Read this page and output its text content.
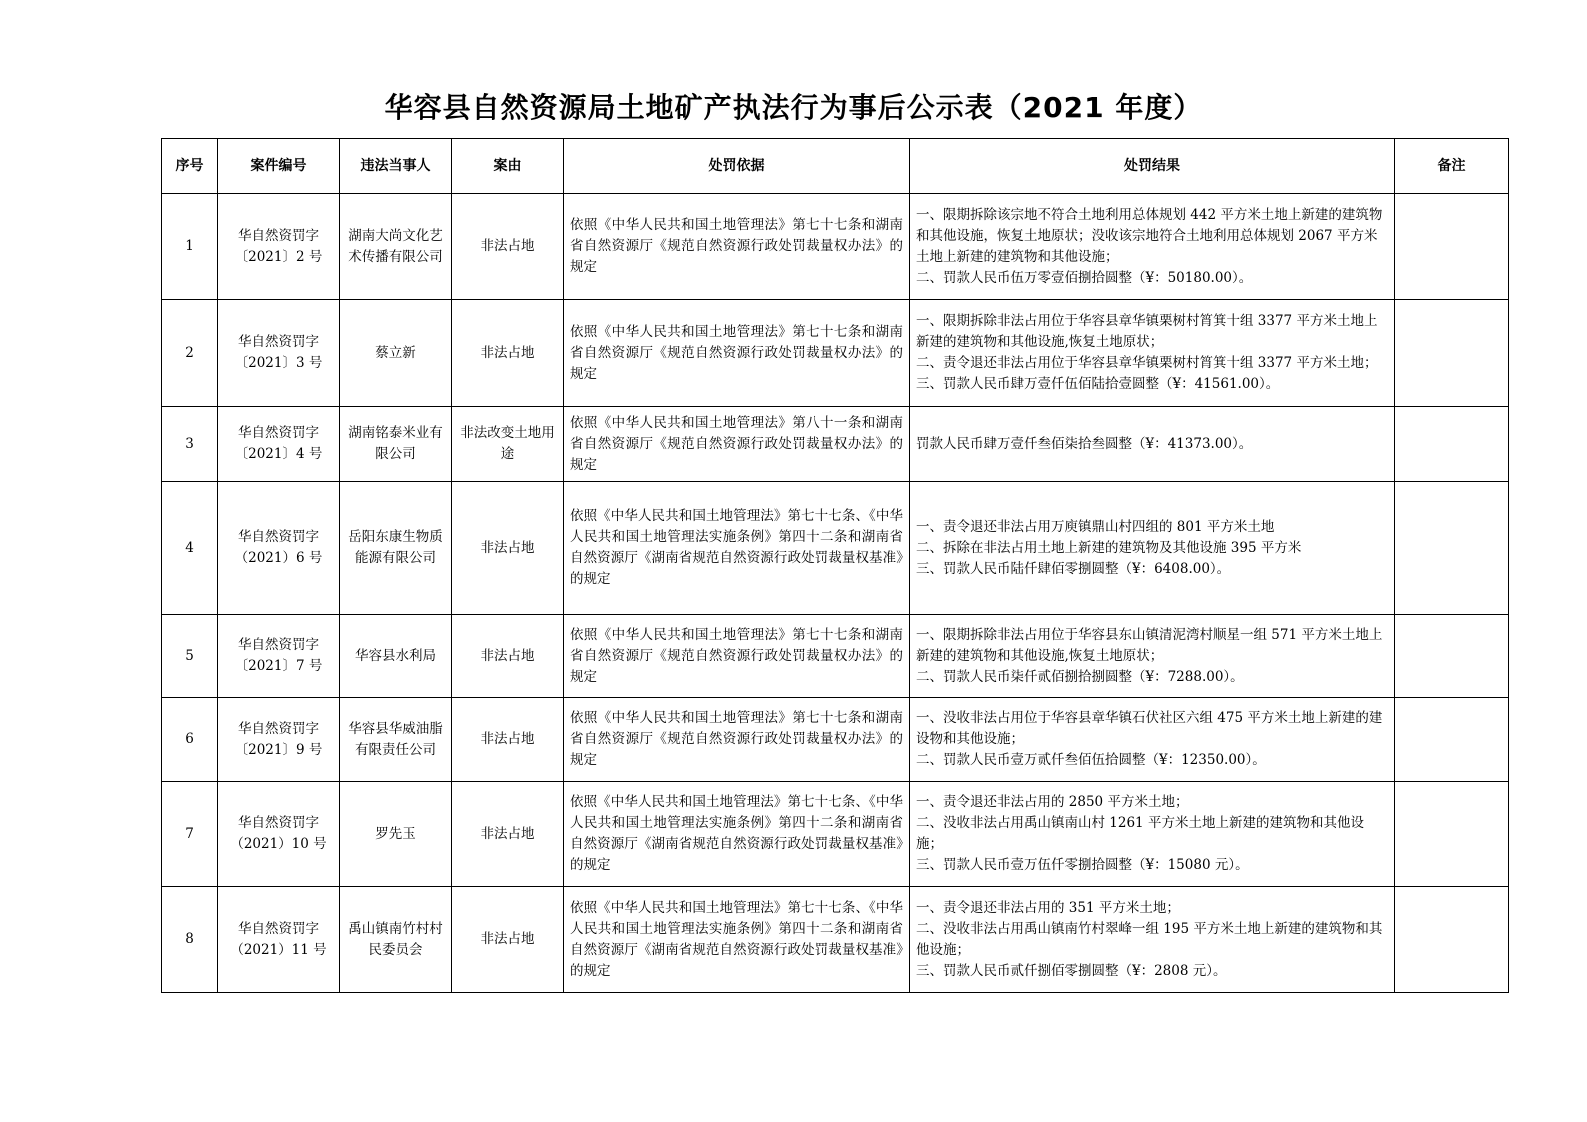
华容县自然资源局土地矿产执法行为事后公示表（2021 年度）
序号	案件编号	违法当事人	案由	处罚依据	处罚结果	备注
1	华自然资罚字〔2021〕2 号	湖南大尚文化艺术传播有限公司	非法占地	依照《中华人民共和国土地管理法》第七十七条和湖南省自然资源厅《规范自然资源行政处罚裁量权办法》的规定	一、限期拆除该宗地不符合土地利用总体规划 442 平方米土地上新建的建筑物和其他设施，恢复土地原状；没收该宗地符合土地利用总体规划 2067 平方米土地上新建的建筑物和其他设施；
二、罚款人民币伍万零壹佰捌拾圆整（¥：50180.00）。	
2	华自然资罚字〔2021〕3 号	蔡立新	非法占地	依照《中华人民共和国土地管理法》第七十七条和湖南省自然资源厅《规范自然资源行政处罚裁量权办法》的规定	一、限期拆除非法占用位于华容县章华镇栗树村筲箕十组 3377 平方米土地上新建的建筑物和其他设施,恢复土地原状；
二、责令退还非法占用位于华容县章华镇栗树村筲箕十组 3377 平方米土地；
三、罚款人民币肆万壹仟伍佰陆拾壹圆整（¥：41561.00）。	
3	华自然资罚字〔2021〕4 号	湖南铭泰米业有限公司	非法改变土地用途	依照《中华人民共和国土地管理法》第八十一条和湖南省自然资源厅《规范自然资源行政处罚裁量权办法》的规定	罚款人民币肆万壹仟叁佰柒拾叁圆整（¥：41373.00）。	
4	华自然资罚字（2021）6 号	岳阳东康生物质能源有限公司	非法占地	依照《中华人民共和国土地管理法》第七十七条、《中华人民共和国土地管理法实施条例》第四十二条和湖南省自然资源厅《湖南省规范自然资源行政处罚裁量权基准》的规定	一、责令退还非法占用万庾镇鼎山村四组的 801 平方米土地
二、拆除在非法占用土地上新建的建筑物及其他设施 395 平方米
三、罚款人民币陆仟肆佰零捌圆整（¥：6408.00）。	
5	华自然资罚字〔2021〕7 号	华容县水利局	非法占地	依照《中华人民共和国土地管理法》第七十七条和湖南省自然资源厅《规范自然资源行政处罚裁量权办法》的规定	一、限期拆除非法占用位于华容县东山镇清泥湾村顺星一组 571 平方米土地上新建的建筑物和其他设施,恢复土地原状；
二、罚款人民币柒仟贰佰捌拾捌圆整（¥：7288.00）。	
6	华自然资罚字〔2021〕9 号	华容县华威油脂有限责任公司	非法占地	依照《中华人民共和国土地管理法》第七十七条和湖南省自然资源厅《规范自然资源行政处罚裁量权办法》的规定	一、没收非法占用位于华容县章华镇石伏社区六组 475 平方米土地上新建的建设物和其他设施；
二、罚款人民币壹万贰仟叁佰伍拾圆整（¥：12350.00）。	
7	华自然资罚字（2021）10 号	罗先玉	非法占地	依照《中华人民共和国土地管理法》第七十七条、《中华人民共和国土地管理法实施条例》第四十二条和湖南省自然资源厅《湖南省规范自然资源行政处罚裁量权基准》的规定	一、责令退还非法占用的 2850 平方米土地；
二、没收非法占用禹山镇南山村 1261 平方米土地上新建的建筑物和其他设施；
三、罚款人民币壹万伍仟零捌拾圆整（¥：15080 元）。	
8	华自然资罚字（2021）11 号	禹山镇南竹村村民委员会	非法占地	依照《中华人民共和国土地管理法》第七十七条、《中华人民共和国土地管理法实施条例》第四十二条和湖南省自然资源厅《湖南省规范自然资源行政处罚裁量权基准》的规定	一、责令退还非法占用的 351 平方米土地；
二、没收非法占用禹山镇南竹村翠峰一组 195 平方米土地上新建的建筑物和其他设施；
三、罚款人民币贰仟捌佰零捌圆整（¥：2808 元）。	
